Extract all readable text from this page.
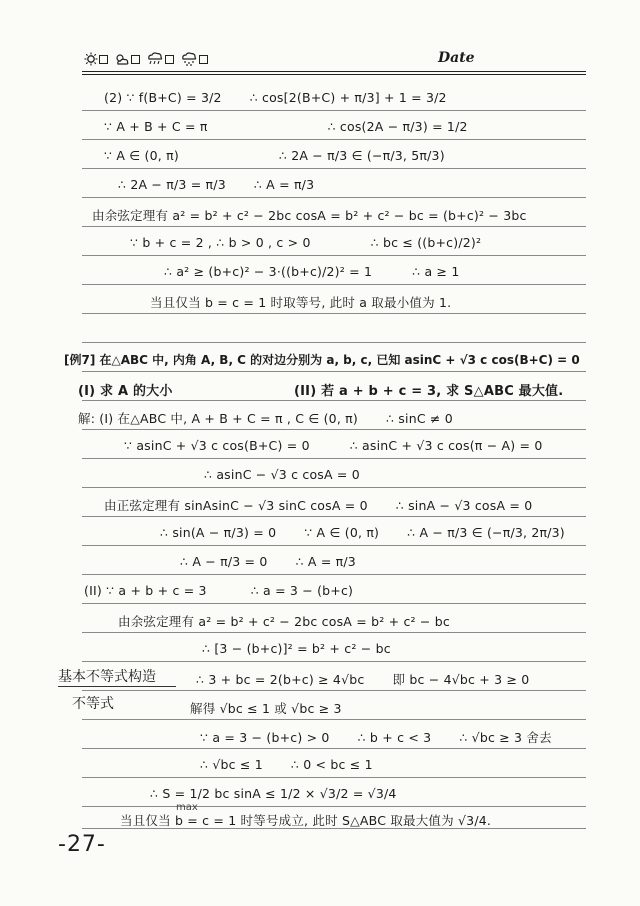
Date
(2) ∵ f(B+C) = 3/2 ∴ cos[2(B+C) + π/3] + 1 = 3/2
∵ A + B + C = π	∴ cos(2A − π/3) = 1/2
∵ A ∈ (0, π)	∴ 2A − π/3 ∈ (−π/3, 5π/3)
∴ 2A − π/3 = π/3 ∴ A = π/3
由余弦定理有 a² = b² + c² − 2bc cosA = b² + c² − bc = (b+c)² − 3bc
∵ b + c = 2 , ∴ b > 0 , c > 0	∴ bc ≤ ((b+c)/2)²
∴ a² ≥ (b+c)² − 3·((b+c)/2)² = 1	∴ a ≥ 1
当且仅当 b = c = 1 时取等号, 此时 a 取最小值为 1.
[例7] 在△ABC 中, 内角 A, B, C 的对边分别为 a, b, c, 已知 asinC + √3 c cos(B+C) = 0
(I) 求 A 的大小	(II) 若 a + b + c = 3, 求 S△ABC 最大值.
解: (I) 在△ABC 中, A + B + C = π , C ∈ (0, π) ∴ sinC ≠ 0
∵ asinC + √3 c cos(B+C) = 0	∴ asinC + √3 c cos(π − A) = 0
∴ asinC − √3 c cosA = 0
由正弦定理有 sinAsinC − √3 sinC cosA = 0 ∴ sinA − √3 cosA = 0
∴ sin(A − π/3) = 0 ∵ A ∈ (0, π) ∴ A − π/3 ∈ (−π/3, 2π/3)
∴ A − π/3 = 0 ∴ A = π/3
(II) ∵ a + b + c = 3	∴ a = 3 − (b+c)
由余弦定理有 a² = b² + c² − 2bc cosA = b² + c² − bc
∴ [3 − (b+c)]² = b² + c² − bc
∴ 3 + bc = 2(b+c) ≥ 4√bc 即 bc − 4√bc + 3 ≥ 0
解得 √bc ≤ 1 或 √bc ≥ 3
∵ a = 3 − (b+c) > 0 ∴ b + c < 3 ∴ √bc ≥ 3 舍去
∴ √bc ≤ 1 ∴ 0 < bc ≤ 1
∴ S = 1/2 bc sinA ≤ 1/2 × √3/2 = √3/4
max
当且仅当 b = c = 1 时等号成立, 此时 S△ABC 取最大值为 √3/4.
基本不等式构造
不等式
-27-
